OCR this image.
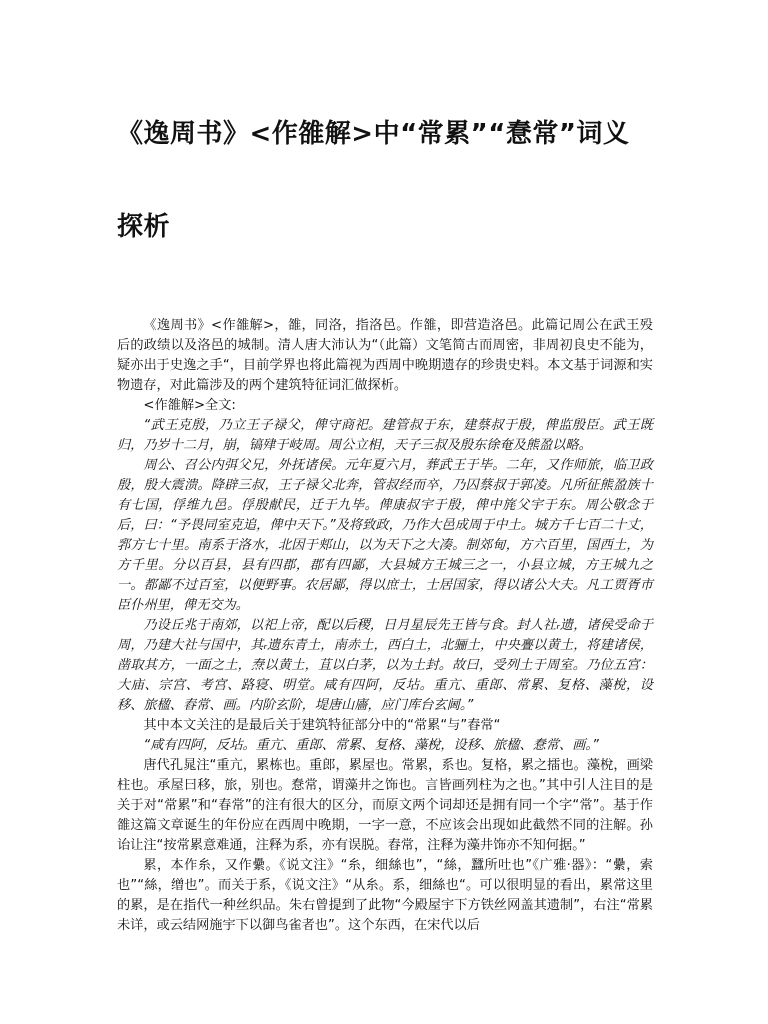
《逸周书》<作雒解>中“常累”“惷常”词义
探析

《逸周书》<作雒解>，雒，同洛，指洛邑。作雒，即营造洛邑。此篇记周公在武王殁后的政绩以及洛邑的城制。清人唐大沛认为“（此篇）文笔简古而周密，非周初良史不能为，疑亦出于史逸之手“，目前学界也将此篇视为西周中晚期遗存的珍贵史料。本文基于词源和实物遗存，对此篇涉及的两个建筑特征词汇做探析。

<作雒解>全文:

“武王克殷，乃立王子禄父，俾守商祀。建管叔于东，建蔡叔于殷，俾监殷臣。武王既归，乃岁十二月，崩，镐肂于岐周。周公立相，天子三叔及殷东徐奄及熊盈以略。

周公、召公内弭父兄，外抚诸侯。元年夏六月，葬武王于毕。二年，又作师旅，临卫政殷，殷大震溃。降辟三叔，王子禄父北奔，管叔经而卒，乃囚蔡叔于郭凌。凡所征熊盈族十有七国，俘维九邑。俘殷献民，迁于九毕。俾康叔宇于殷，俾中旄父宇于东。周公敬念于后，曰：“予畏同室克追，俾中天下。”及将致政，乃作大邑成周于中土。城方千七百二十丈，郛方七十里。南系于洛水，北因于郏山，以为天下之大凑。制郊甸，方六百里，国西土，为方千里。分以百县，县有四郡，郡有四鄙，大县城方王城三之一，小县立城，方王城九之一。都鄙不过百室，以便野事。农居鄙，得以庶士，士居国家，得以诸公大夫。凡工贾胥市臣仆州里，俾无交为。

乃设丘兆于南郊，以祀上帝，配以后稷，日月星辰先王皆与食。封人社ᵣ遗，诸侯受命于周，乃建大社与国中，其ᵣ遗东青土，南赤土，西白土，北骊土，中央亹以黄土，将建诸侯，凿取其方，一面之土，焘以黄土，苴以白茅，以为土封。故曰，受列土于周室。乃位五宫：大庙、宗宫、考宫、路寝、明堂。咸有四阿，反坫。重亢、重郎、常累、复格、藻梲，设移、旅楹、舂常、画。内阶玄阶，堤唐山廧，应门库台玄阃。”

其中本文关注的是最后关于建筑特征部分中的“常累“与”舂常“

“咸有四阿，反坫。重亢、重郎、常累、复格、藻梲，设移、旅楹、惷常、画。”

唐代孔晁注“重亢，累栋也。重郎，累屋也。常累，系也。复格，累之擂也。藻梲，画梁柱也。承屋曰移，旅，别也。惷常，谓藻井之饰也。言皆画列柱为之也。”其中引人注目的是关于对“常累”和“春常”的注有很大的区分，而原文两个词却还是拥有同一个字“常”。基于作雒这篇文章诞生的年份应在西周中晚期，一字一意，不应该会出现如此截然不同的注解。孙诒让注“按常累意难通，注释为系，亦有误脱。舂常，注释为藻井饰亦不知何据。”

累，本作糸，又作纍。《说文注》“糸，细絲也”，“絲，蠶所吐也”《广雅·器》：“纍，索也”“絲，缯也”。而关于系，《说文注》“从糸。系，细絲也“。可以很明显的看出，累常这里的累，是在指代一种丝织品。朱右曾提到了此物“今殿屋宇下方铁丝网盖其遗制”，右注“常累未详，或云结网施宇下以御鸟雀者也”。这个东西，在宋代以后
